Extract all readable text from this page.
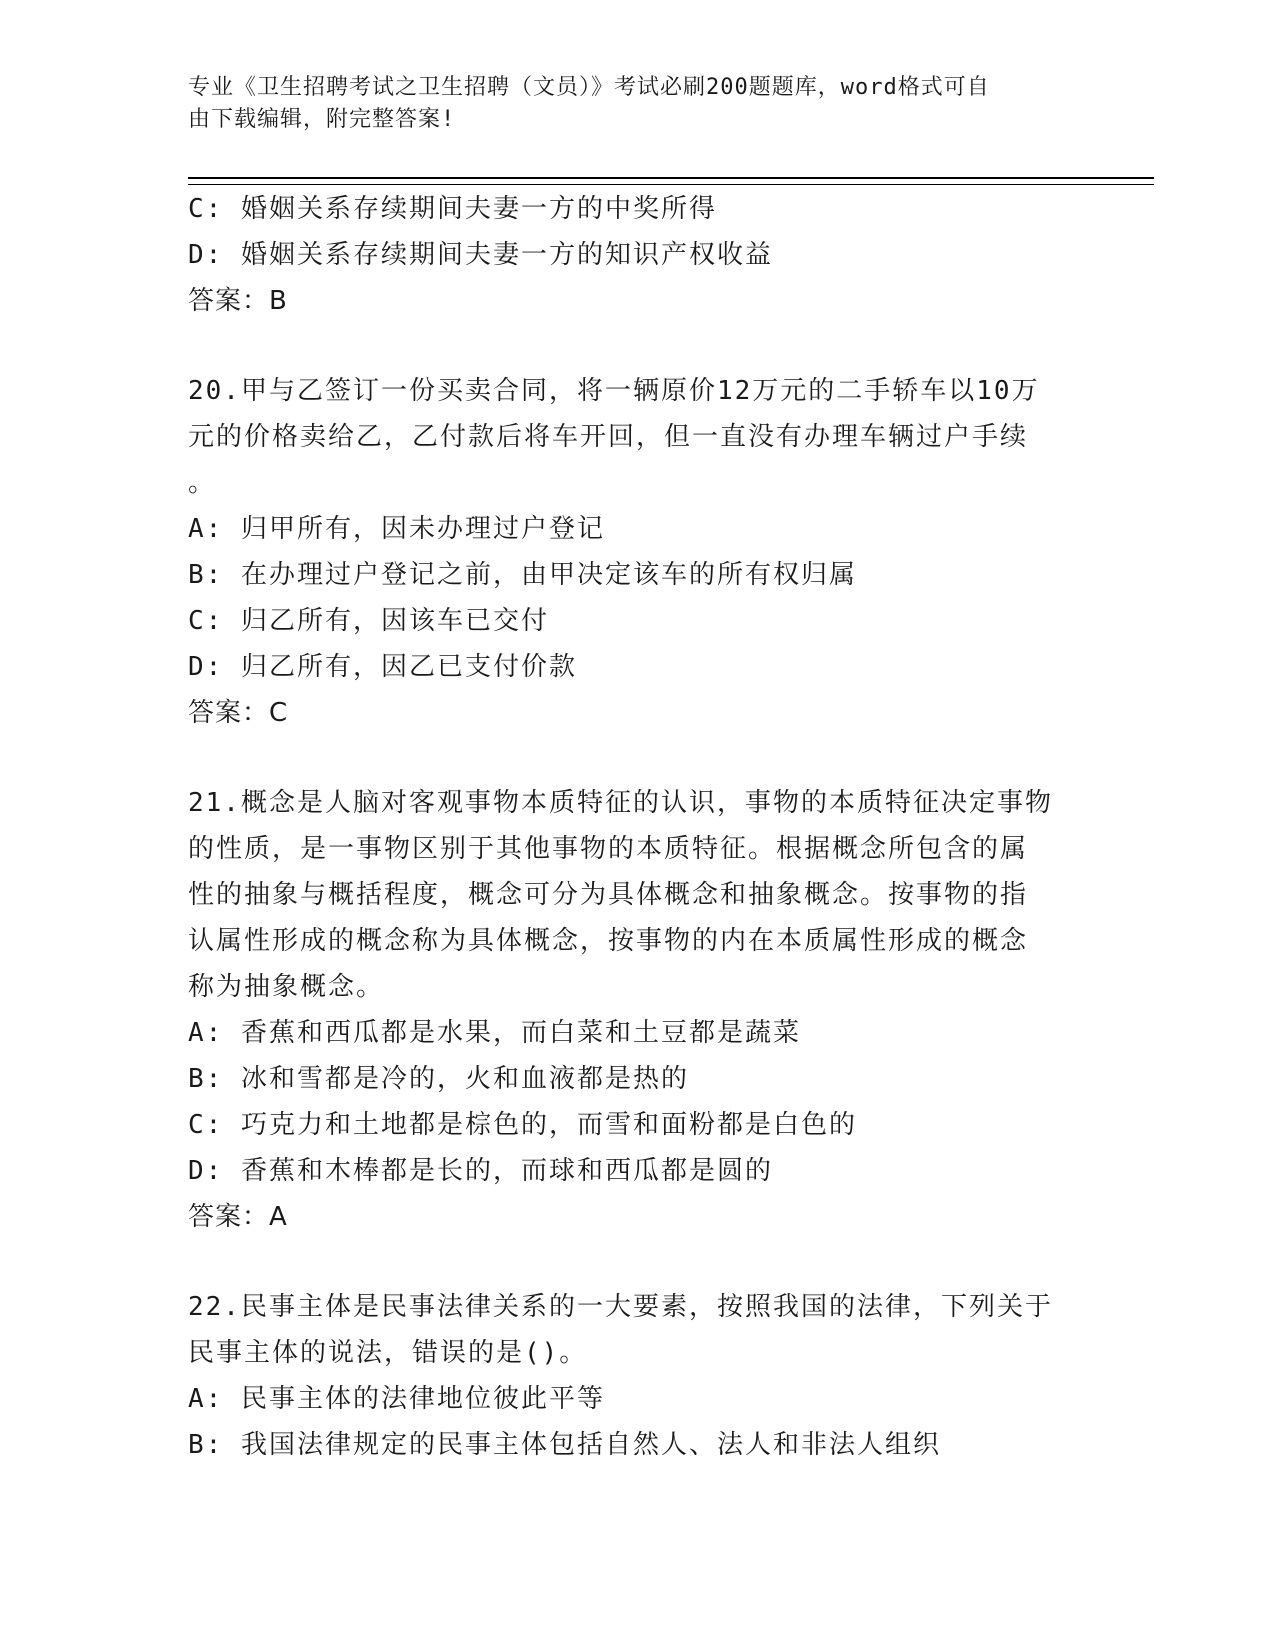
专业《卫生招聘考试之卫生招聘（文员）》考试必刷200题题库，word格式可自
由下载编辑，附完整答案!
C: 婚姻关系存续期间夫妻一方的中奖所得
D: 婚姻关系存续期间夫妻一方的知识产权收益
答案：B
20.甲与乙签订一份买卖合同，将一辆原价12万元的二手轿车以10万
元的价格卖给乙，乙付款后将车开回，但一直没有办理车辆过户手续
。
A: 归甲所有，因未办理过户登记
B: 在办理过户登记之前，由甲决定该车的所有权归属
C: 归乙所有，因该车已交付
D: 归乙所有，因乙已支付价款
答案：C
21.概念是人脑对客观事物本质特征的认识，事物的本质特征决定事物
的性质，是一事物区别于其他事物的本质特征。根据概念所包含的属
性的抽象与概括程度，概念可分为具体概念和抽象概念。按事物的指
认属性形成的概念称为具体概念，按事物的内在本质属性形成的概念
称为抽象概念。
A: 香蕉和西瓜都是水果，而白菜和土豆都是蔬菜
B: 冰和雪都是冷的，火和血液都是热的
C: 巧克力和土地都是棕色的，而雪和面粉都是白色的
D: 香蕉和木棒都是长的，而球和西瓜都是圆的
答案：A
22.民事主体是民事法律关系的一大要素，按照我国的法律，下列关于
民事主体的说法，错误的是()。
A: 民事主体的法律地位彼此平等
B: 我国法律规定的民事主体包括自然人、法人和非法人组织
